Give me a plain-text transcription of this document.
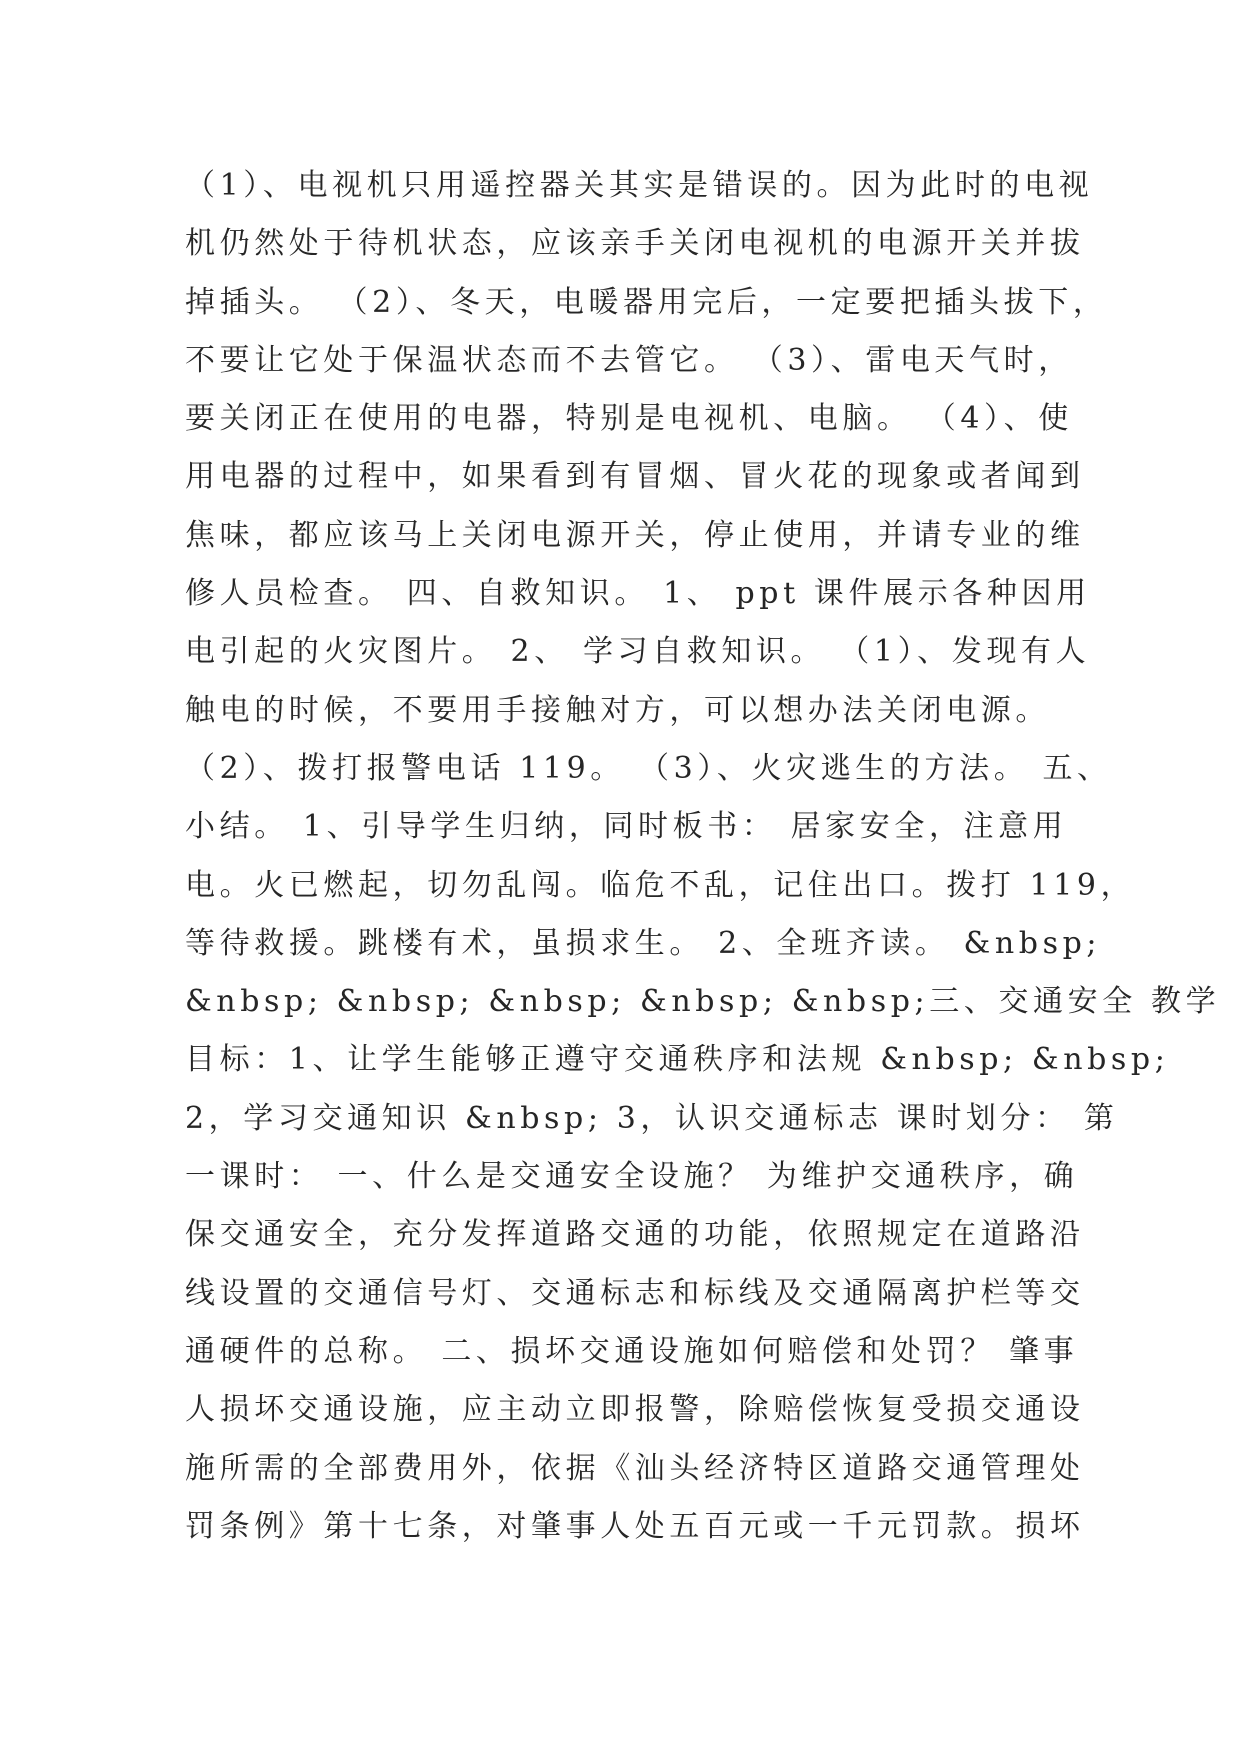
（1）、电视机只用遥控器关其实是错误的。因为此时的电视

机仍然处于待机状态，应该亲手关闭电视机的电源开关并拔

掉插头。 （2）、冬天，电暖器用完后，一定要把插头拔下，

不要让它处于保温状态而不去管它。 （3）、雷电天气时，

要关闭正在使用的电器，特别是电视机、电脑。 （4）、使

用电器的过程中，如果看到有冒烟、冒火花的现象或者闻到

焦味，都应该马上关闭电源开关，停止使用，并请专业的维

修人员检查。 四、自救知识。 1、 ppt 课件展示各种因用

电引起的火灾图片。 2、 学习自救知识。 （1）、发现有人

触电的时候，不要用手接触对方，可以想办法关闭电源。

（2）、拨打报警电话 119。 （3）、火灾逃生的方法。 五、

小结。 1、引导学生归纳，同时板书： 居家安全，注意用

电。火已燃起，切勿乱闯。临危不乱，记住出口。拨打 119，

等待救援。跳楼有术，虽损求生。 2、全班齐读。 &nbsp;

&nbsp; &nbsp; &nbsp; &nbsp; &nbsp;三、交通安全 教学

目标：1、让学生能够正遵守交通秩序和法规 &nbsp; &nbsp;

2，学习交通知识 &nbsp; 3，认识交通标志 课时划分： 第

一课时： 一、什么是交通安全设施？ 为维护交通秩序，确

保交通安全，充分发挥道路交通的功能，依照规定在道路沿

线设置的交通信号灯、交通标志和标线及交通隔离护栏等交

通硬件的总称。 二、损坏交通设施如何赔偿和处罚？ 肇事

人损坏交通设施，应主动立即报警，除赔偿恢复受损交通设

施所需的全部费用外，依据《汕头经济特区道路交通管理处

罚条例》第十七条，对肇事人处五百元或一千元罚款。损坏
